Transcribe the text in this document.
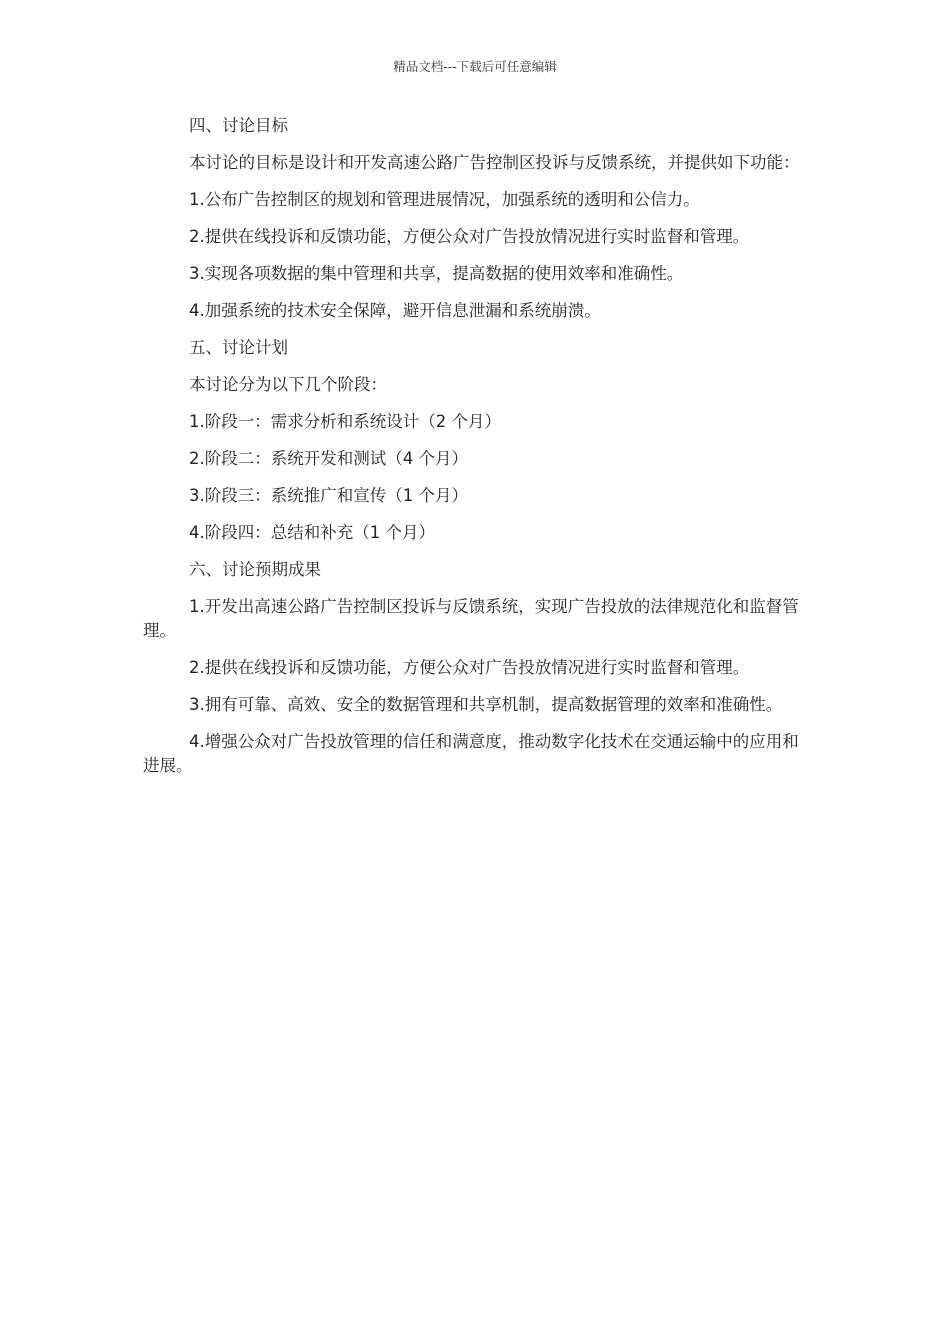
精品文档---下载后可任意编辑

四、讨论目标

本讨论的目标是设计和开发高速公路广告控制区投诉与反馈系统，并提供如下功能：

1.公布广告控制区的规划和管理进展情况，加强系统的透明和公信力。

2.提供在线投诉和反馈功能，方便公众对广告投放情况进行实时监督和管理。

3.实现各项数据的集中管理和共享，提高数据的使用效率和准确性。

4.加强系统的技术安全保障，避开信息泄漏和系统崩溃。

五、讨论计划

本讨论分为以下几个阶段：

1.阶段一：需求分析和系统设计（2 个月）

2.阶段二：系统开发和测试（4 个月）

3.阶段三：系统推广和宣传（1 个月）

4.阶段四：总结和补充（1 个月）

六、讨论预期成果

1.开发出高速公路广告控制区投诉与反馈系统，实现广告投放的法律规范化和监督管理。

2.提供在线投诉和反馈功能，方便公众对广告投放情况进行实时监督和管理。

3.拥有可靠、高效、安全的数据管理和共享机制，提高数据管理的效率和准确性。

4.增强公众对广告投放管理的信任和满意度，推动数字化技术在交通运输中的应用和进展。
